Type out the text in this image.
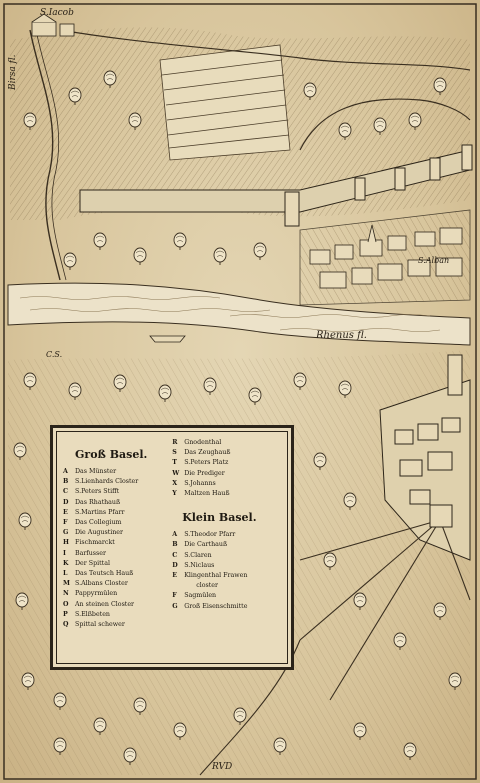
S.Iacob
Birsa fl.
S.Alban
Rhenus fl.
C.S.
RVD
Groß Basel.
A	Das Münster
B	S.Lienhards Closter
C	S.Peters Stifft
D	Das Rhathauß
E	S.Martins Pfarr
F	Das Collegium
G	Die Augustiner
H Fischmarckt
I	Barfusser
K	Der Spittal
L	Das Teutsch Hauß
M S.Albans Closter
N Pappyrmülen
O	An steinen Closter
P	S.Elßbeten
Q	Spittal schewer
R	Gnodenthal
S	Das Zeughauß
T	S.Peters Platz
W Die Prediger
X	S.Johanns
Y	Maltzen Hauß
Klein Basel.
A	S.Theodor Pfarr
B	Die Carthauß
C	S.Claren
D	S.Niclaus
E	Klingenthal Frawen
closter
F	Sagmülen
G	Groß Eisenschmitte
